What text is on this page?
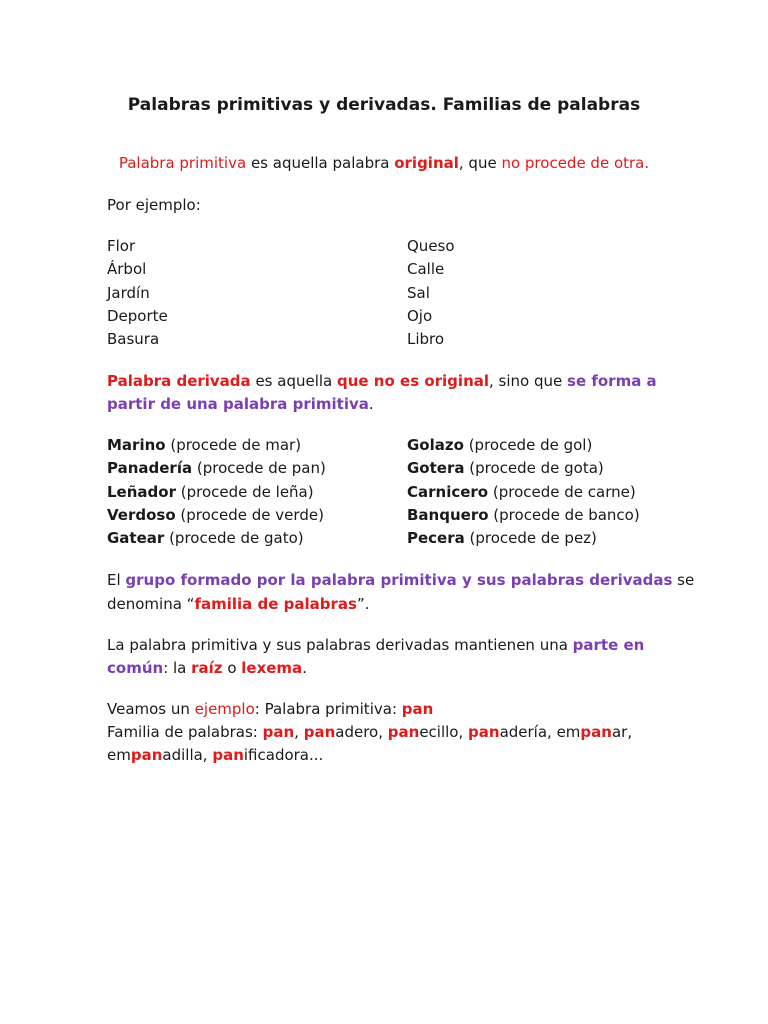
Palabras primitivas y derivadas. Familias de palabras
Palabra primitiva es aquella palabra original, que no procede de otra.
Por ejemplo:
Flor
Árbol
Jardín
Deporte
Basura
Queso
Calle
Sal
Ojo
Libro
Palabra derivada es aquella que no es original, sino que se forma a
partir de una palabra primitiva.
Marino (procede de mar)
Panadería (procede de pan)
Leñador (procede de leña)
Verdoso (procede de verde)
Gatear (procede de gato)
Golazo (procede de gol)
Gotera (procede de gota)
Carnicero (procede de carne)
Banquero (procede de banco)
Pecera (procede de pez)
El grupo formado por la palabra primitiva y sus palabras derivadas se
denomina “familia de palabras”.
La palabra primitiva y sus palabras derivadas mantienen una parte en
común: la raíz o lexema.
Veamos un ejemplo: Palabra primitiva: pan
Familia de palabras: pan, panadero, panecillo, panadería, empanar,
empanadilla, panificadora...
